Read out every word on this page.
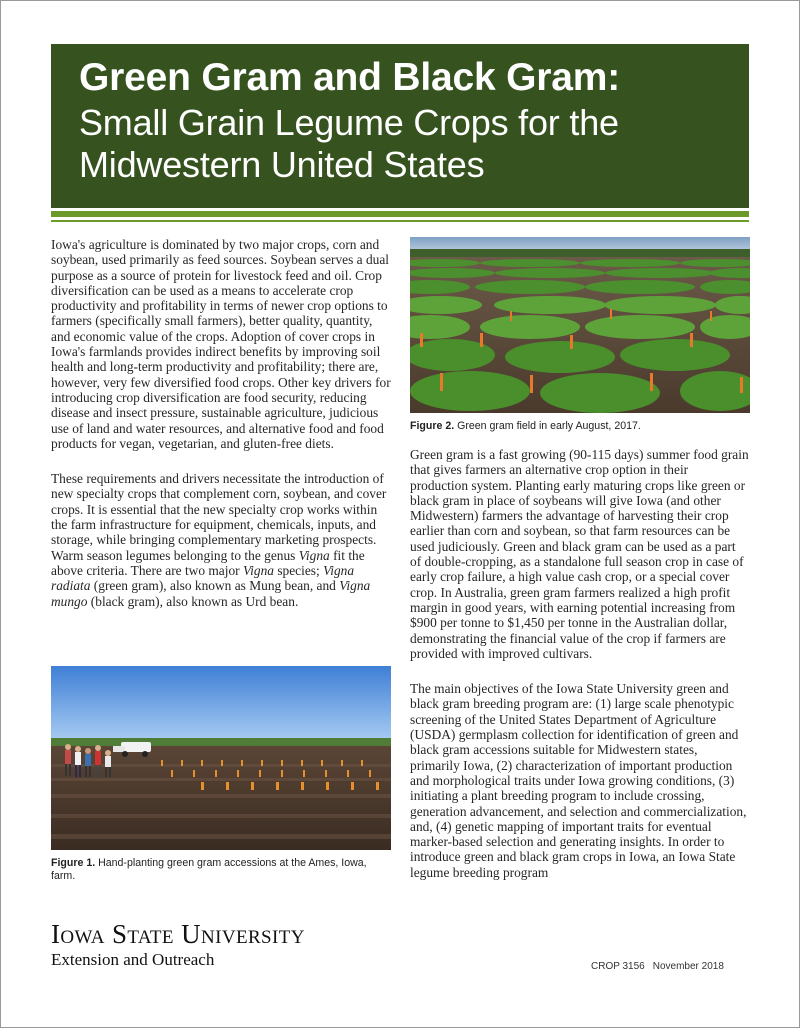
Green Gram and Black Gram:
Small Grain Legume Crops for the Midwestern United States

Iowa's agriculture is dominated by two major crops, corn and soybean, used primarily as feed sources. Soybean serves a dual purpose as a source of protein for livestock feed and oil. Crop diversification can be used as a means to accelerate crop productivity and profitability in terms of newer crop options to farmers (specifically small farmers), better quality, quantity, and economic value of the crops. Adoption of cover crops in Iowa's farmlands provides indirect benefits by improving soil health and long-term productivity and profitability; there are, however, very few diversified food crops. Other key drivers for introducing crop diversification are food security, reducing disease and insect pressure, sustainable agriculture, judicious use of land and water resources, and alternative food and food products for vegan, vegetarian, and gluten-free diets.

These requirements and drivers necessitate the introduction of new specialty crops that complement corn, soybean, and cover crops. It is essential that the new specialty crop works within the farm infrastructure for equipment, chemicals, inputs, and storage, while bringing complementary marketing prospects. Warm season legumes belonging to the genus Vigna fit the above criteria. There are two major Vigna species; Vigna radiata (green gram), also known as Mung bean, and Vigna mungo (black gram), also known as Urd bean.

Figure 1. Hand-planting green gram accessions at the Ames, Iowa, farm.
Figure 2. Green gram field in early August, 2017.

Green gram is a fast growing (90-115 days) summer food grain that gives farmers an alternative crop option in their production system. Planting early maturing crops like green or black gram in place of soybeans will give Iowa (and other Midwestern) farmers the advantage of harvesting their crop earlier than corn and soybean, so that farm resources can be used judiciously. Green and black gram can be used as a part of double-cropping, as a standalone full season crop in case of early crop failure, a high value cash crop, or a special cover crop. In Australia, green gram farmers realized a high profit margin in good years, with earning potential increasing from $900 per tonne to $1,450 per tonne in the Australian dollar, demonstrating the financial value of the crop if farmers are provided with improved cultivars.

The main objectives of the Iowa State University green and black gram breeding program are: (1) large scale phenotypic screening of the United States Department of Agriculture (USDA) germplasm collection for identification of green and black gram accessions suitable for Midwestern states, primarily Iowa, (2) characterization of important production and morphological traits under Iowa growing conditions, (3) initiating a plant breeding program to include crossing, generation advancement, and selection and commercialization, and, (4) genetic mapping of important traits for eventual marker-based selection and generating insights. In order to introduce green and black gram crops in Iowa, an Iowa State legume breeding program

Iowa State University
Extension and Outreach	CROP 3156 November 2018
